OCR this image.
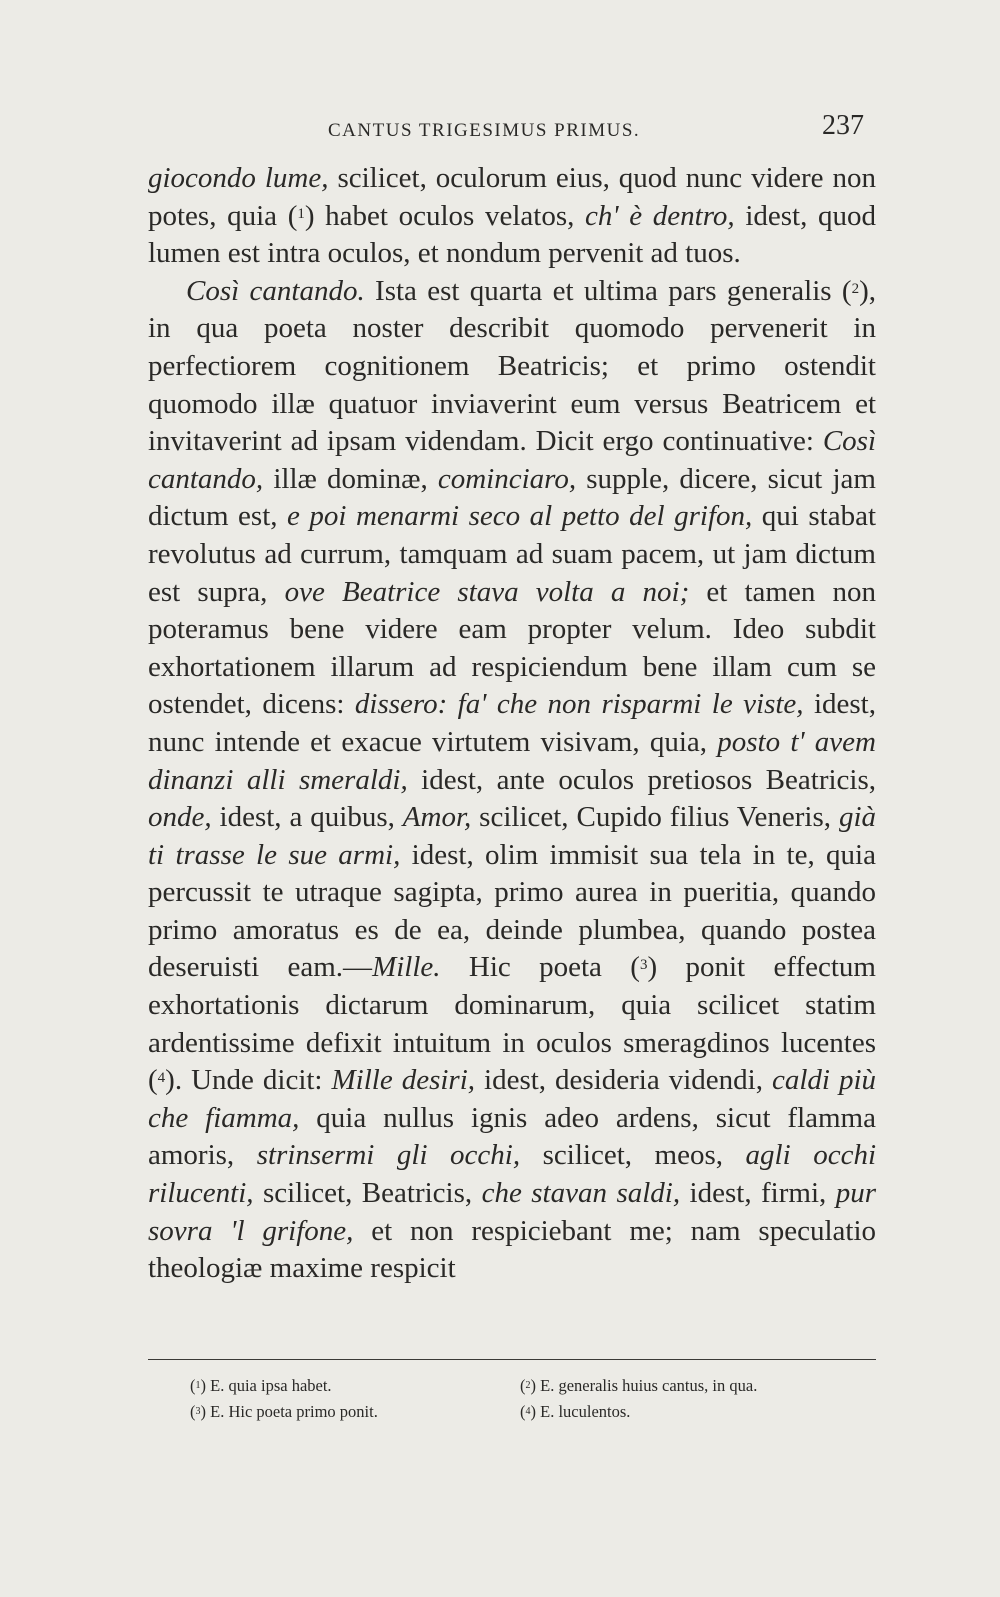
CANTUS TRIGESIMUS PRIMUS.	237

giocondo lume, scilicet, oculorum eius, quod nunc videre non potes, quia ($^1$) habet oculos velatos, ch' è dentro, idest, quod lumen est intra oculos, et nondum pervenit ad tuos.

Così cantando. Ista est quarta et ultima pars generalis ($^2$), in qua poeta noster describit quomodo pervenerit in perfectiorem cognitionem Beatricis; et primo ostendit quomodo illæ quatuor inviaverint eum versus Beatricem et invitaverint ad ipsam videndam. Dicit ergo continuative: Così cantando, illæ dominæ, cominciaro, supple, dicere, sicut jam dictum est, e poi menarmi seco al petto del grifon, qui stabat revolutus ad currum, tamquam ad suam pacem, ut jam dictum est supra, ove Beatrice stava volta a noi; et tamen non poteramus bene videre eam propter velum. Ideo subdit exhortationem illarum ad respiciendum bene illam cum se ostendet, dicens: dissero: fa' che non risparmi le viste, idest, nunc intende et exacue virtutem visivam, quia, posto t' avem dinanzi alli smeraldi, idest, ante oculos pretiosos Beatricis, onde, idest, a quibus, Amor, scilicet, Cupido filius Veneris, già ti trasse le sue armi, idest, olim immisit sua tela in te, quia percussit te utraque sagipta, primo aurea in pueritia, quando primo amoratus es de ea, deinde plumbea, quando postea deseruisti eam.—Mille. Hic poeta ($^3$) ponit effectum exhortationis dictarum dominarum, quia scilicet statim ardentissime defixit intuitum in oculos smeragdinos lucentes ($^4$). Unde dicit: Mille desiri, idest, desideria videndi, caldi più che fiamma, quia nullus ignis adeo ardens, sicut flamma amoris, strinsermi gli occhi, scilicet, meos, agli occhi rilucenti, scilicet, Beatricis, che stavan saldi, idest, firmi, pur sovra 'l grifone, et non respiciebant me; nam speculatio theologiæ maxime respicit

($^1$) E. quia ipsa habet.	($^2$) E. generalis huius cantus, in qua.
($^3$) E. Hic poeta primo ponit.	($^4$) E. luculentos.
